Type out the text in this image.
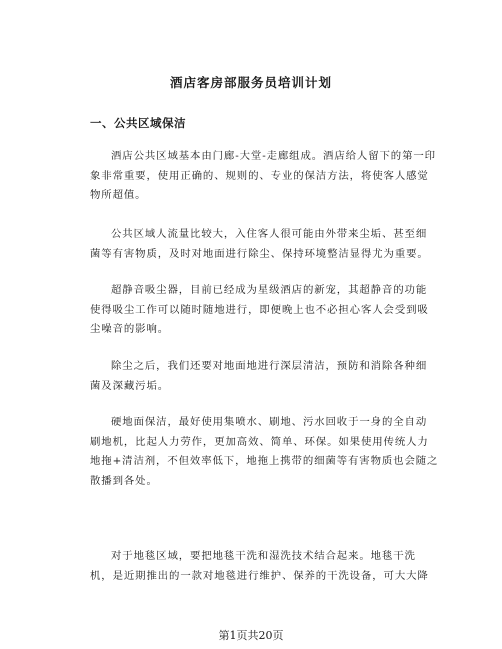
酒店客房部服务员培训计划
一、公共区域保洁
酒店公共区域基本由门廊-大堂-走廊组成。酒店给人留下的第一印
象非常重要，使用正确的、规则的、专业的保洁方法，将使客人感觉
物所超值。
公共区域人流量比较大，入住客人很可能由外带来尘垢、甚至细
菌等有害物质，及时对地面进行除尘、保持环境整洁显得尤为重要。
超静音吸尘器，目前已经成为星级酒店的新宠，其超静音的功能
使得吸尘工作可以随时随地进行，即便晚上也不必担心客人会受到吸
尘噪音的影响。
除尘之后，我们还要对地面地进行深层清洁，预防和消除各种细
菌及深藏污垢。
硬地面保洁，最好使用集喷水、刷地、污水回收于一身的全自动
刷地机，比起人力劳作，更加高效、简单、环保。如果使用传统人力
地拖+清洁剂，不但效率低下，地拖上携带的细菌等有害物质也会随之
散播到各处。
对于地毯区域，要把地毯干洗和湿洗技术结合起来。地毯干洗
机，是近期推出的一款对地毯进行维护、保养的干洗设备，可大大降
第1页共20页
